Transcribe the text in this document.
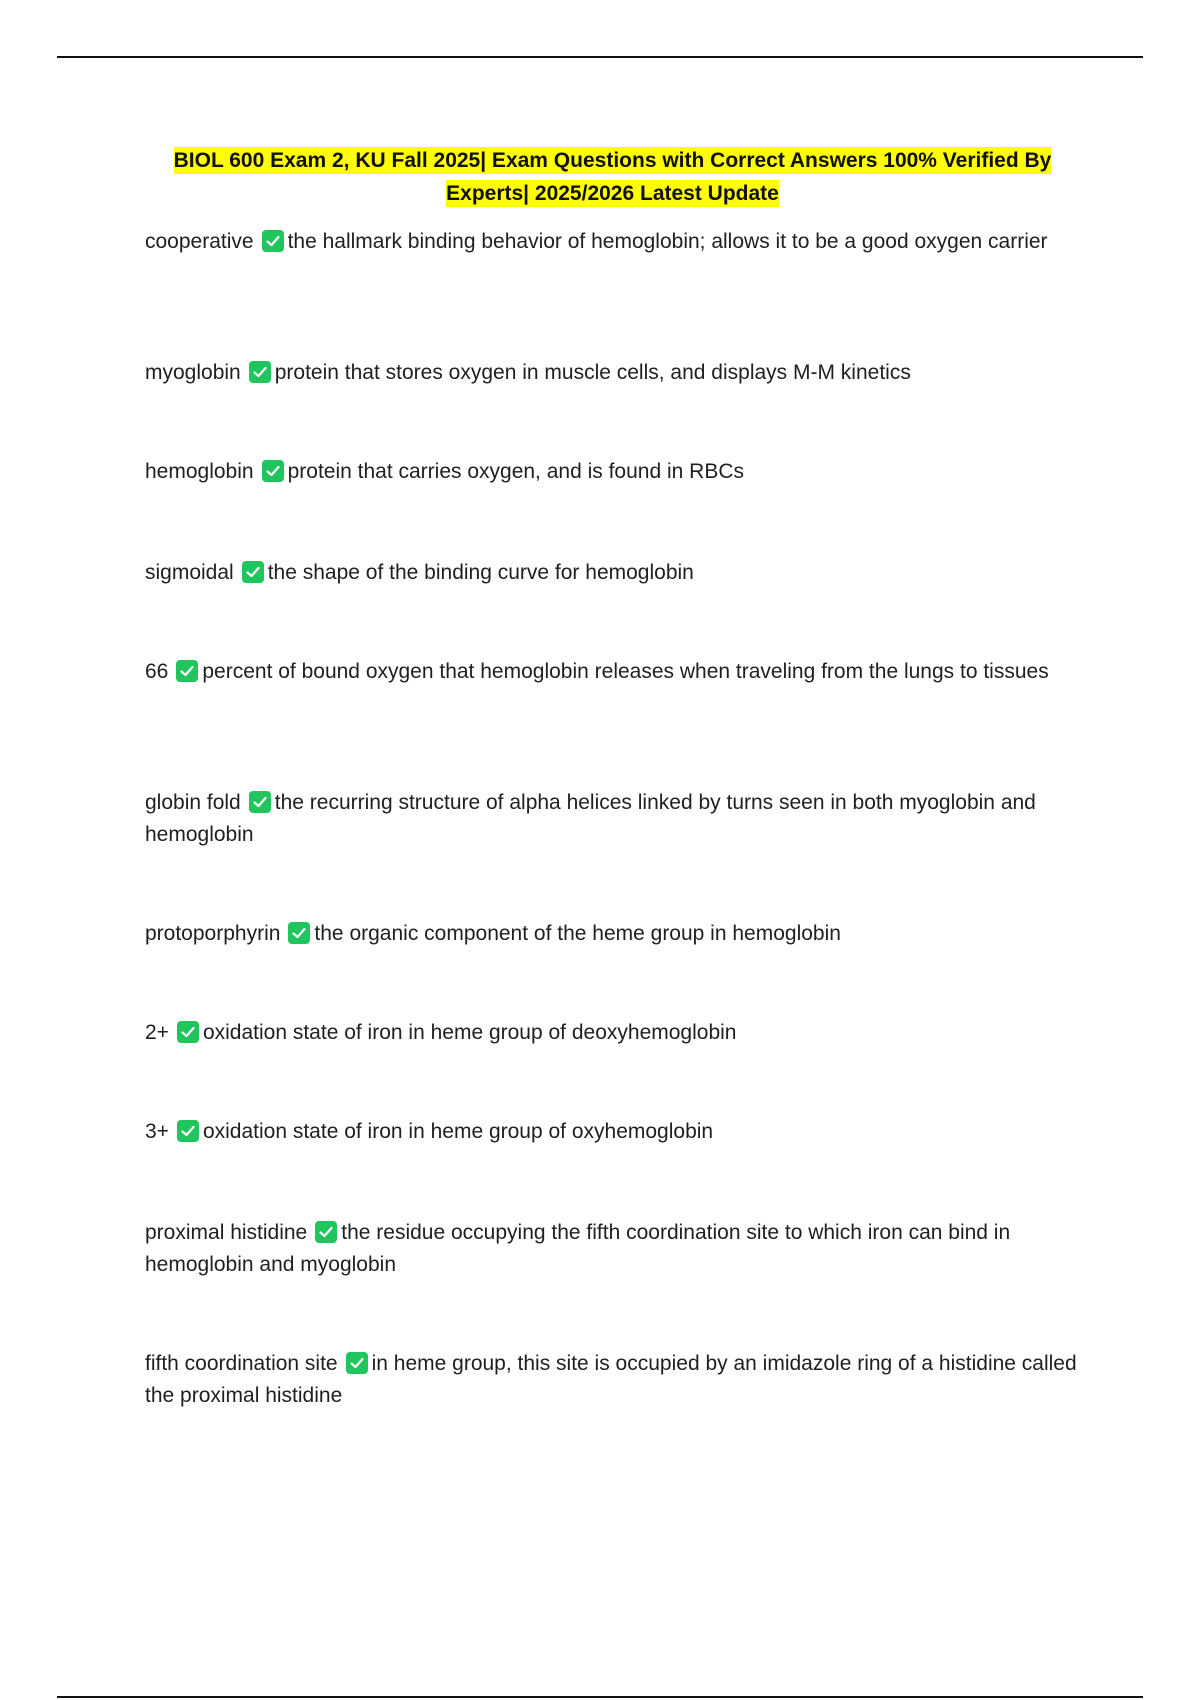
BIOL 600 Exam 2, KU Fall 2025| Exam Questions with Correct Answers 100% Verified By
Experts| 2025/2026 Latest Update

cooperative the hallmark binding behavior of hemoglobin; allows it to be a good oxygen carrier

myoglobin protein that stores oxygen in muscle cells, and displays M-M kinetics

hemoglobin protein that carries oxygen, and is found in RBCs

sigmoidal the shape of the binding curve for hemoglobin

66 percent of bound oxygen that hemoglobin releases when traveling from the lungs to tissues

globin fold the recurring structure of alpha helices linked by turns seen in both myoglobin and hemoglobin

protoporphyrin the organic component of the heme group in hemoglobin

2+ oxidation state of iron in heme group of deoxyhemoglobin

3+ oxidation state of iron in heme group of oxyhemoglobin

proximal histidine the residue occupying the fifth coordination site to which iron can bind in hemoglobin and myoglobin

fifth coordination site in heme group, this site is occupied by an imidazole ring of a histidine called the proximal histidine
